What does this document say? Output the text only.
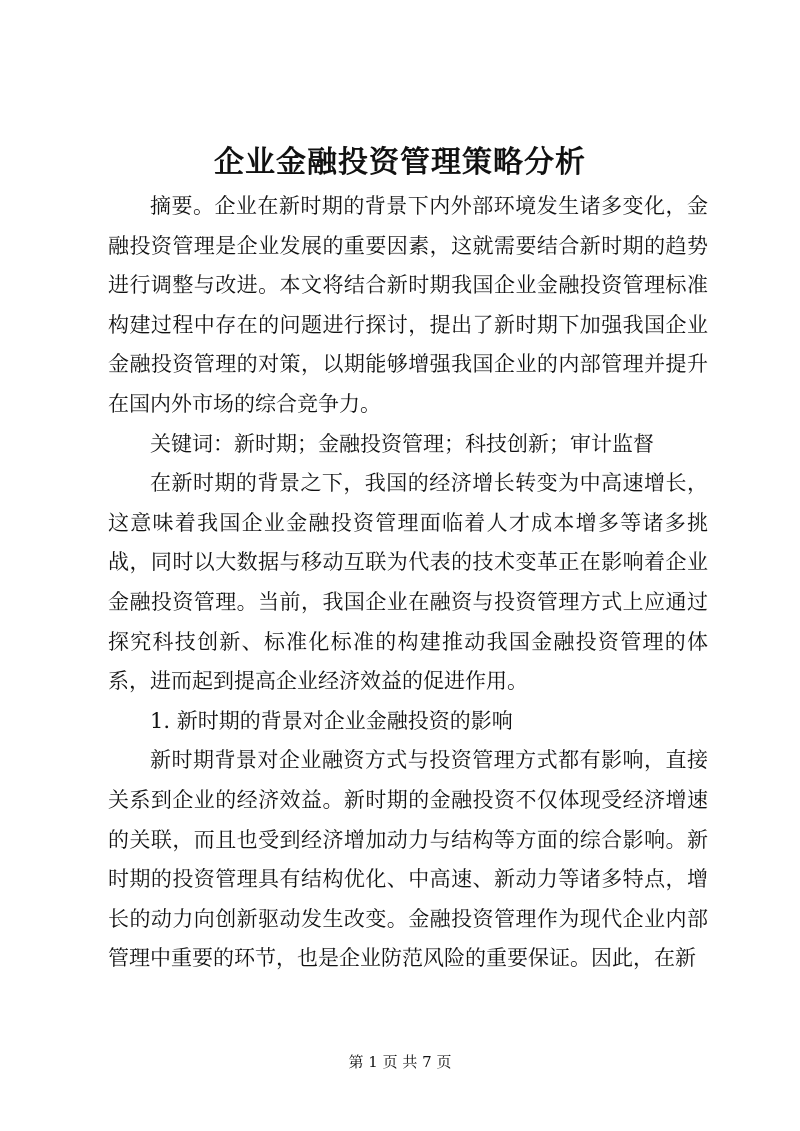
企业金融投资管理策略分析

摘要。企业在新时期的背景下内外部环境发生诸多变化，金融投资管理是企业发展的重要因素，这就需要结合新时期的趋势进行调整与改进。本文将结合新时期我国企业金融投资管理标准构建过程中存在的问题进行探讨，提出了新时期下加强我国企业金融投资管理的对策，以期能够增强我国企业的内部管理并提升在国内外市场的综合竞争力。

关键词：新时期；金融投资管理；科技创新；审计监督

在新时期的背景之下，我国的经济增长转变为中高速增长，这意味着我国企业金融投资管理面临着人才成本增多等诸多挑战，同时以大数据与移动互联为代表的技术变革正在影响着企业金融投资管理。当前，我国企业在融资与投资管理方式上应通过探究科技创新、标准化标准的构建推动我国金融投资管理的体系，进而起到提高企业经济效益的促进作用。

1. 新时期的背景对企业金融投资的影响

新时期背景对企业融资方式与投资管理方式都有影响，直接关系到企业的经济效益。新时期的金融投资不仅体现受经济增速的关联，而且也受到经济增加动力与结构等方面的综合影响。新时期的投资管理具有结构优化、中高速、新动力等诸多特点，增长的动力向创新驱动发生改变。金融投资管理作为现代企业内部管理中重要的环节，也是企业防范风险的重要保证。因此，在新

第 1 页 共 7 页
